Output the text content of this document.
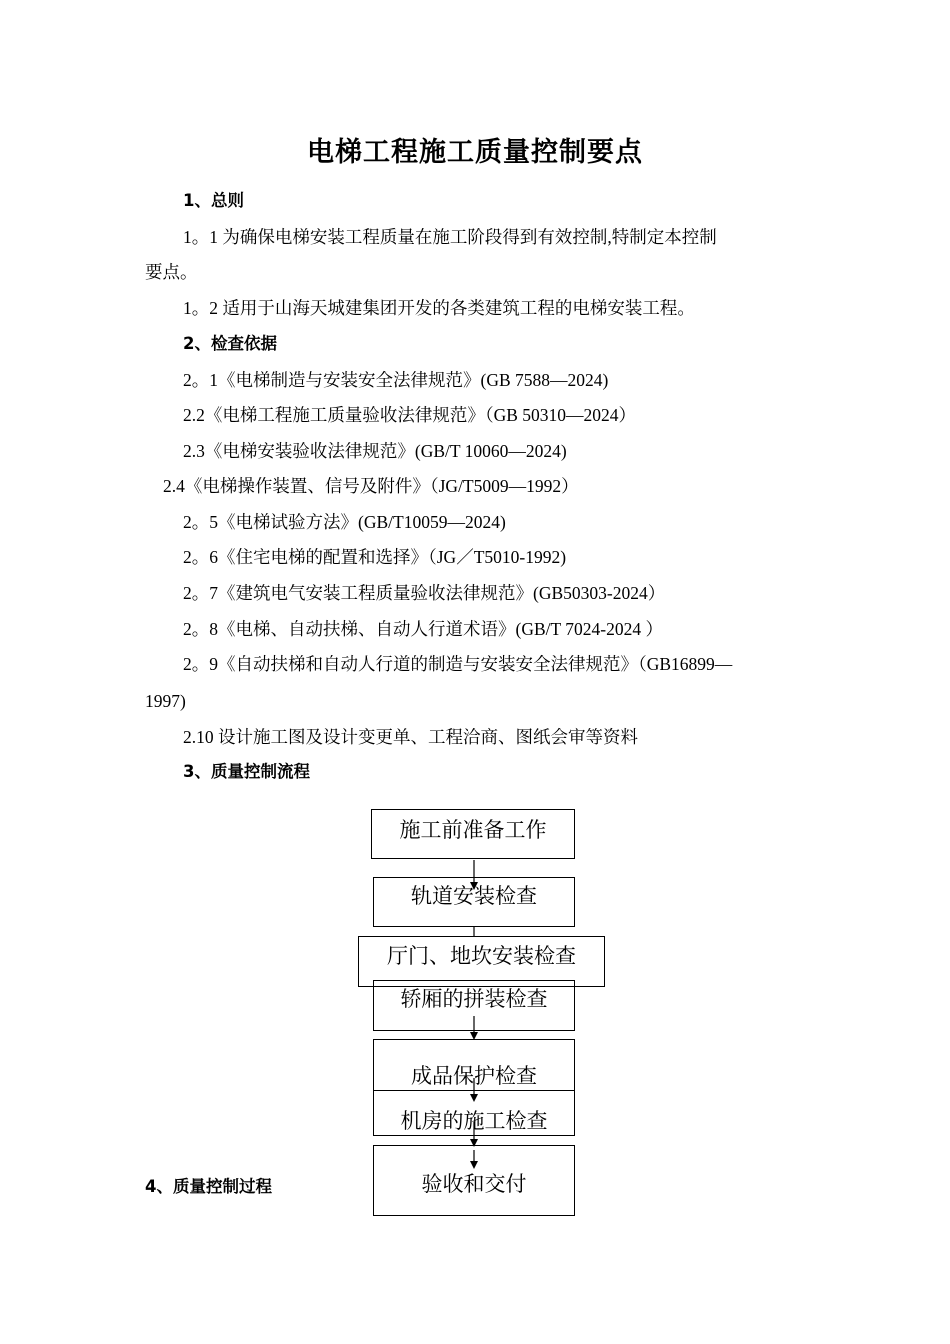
电梯工程施工质量控制要点
1、总则
1。1 为确保电梯安装工程质量在施工阶段得到有效控制,特制定本控制
要点。
1。2 适用于山海天城建集团开发的各类建筑工程的电梯安装工程。
2、检查依据
2。1《电梯制造与安装安全法律规范》(GB 7588—2024)
2.2《电梯工程施工质量验收法律规范》（GB 50310—2024）
2.3《电梯安装验收法律规范》(GB/T 10060—2024)
2.4《电梯操作装置、信号及附件》（JG/T5009—1992）
2。5《电梯试验方法》(GB/T10059—2024)
2。6《住宅电梯的配置和选择》（JG／T5010-1992)
2。7《建筑电气安装工程质量验收法律规范》(GB50303-2024）
2。8《电梯、自动扶梯、自动人行道术语》(GB/T 7024-2024 ）
2。9《自动扶梯和自动人行道的制造与安装安全法律规范》（GB16899—
1997)
2.10 设计施工图及设计变更单、工程洽商、图纸会审等资料
3、质量控制流程
施工前准备工作
轨道安装检查
厅门、地坎安装检查
轿厢的拼装检查
成品保护检查
机房的施工检查
验收和交付
4、质量控制过程
